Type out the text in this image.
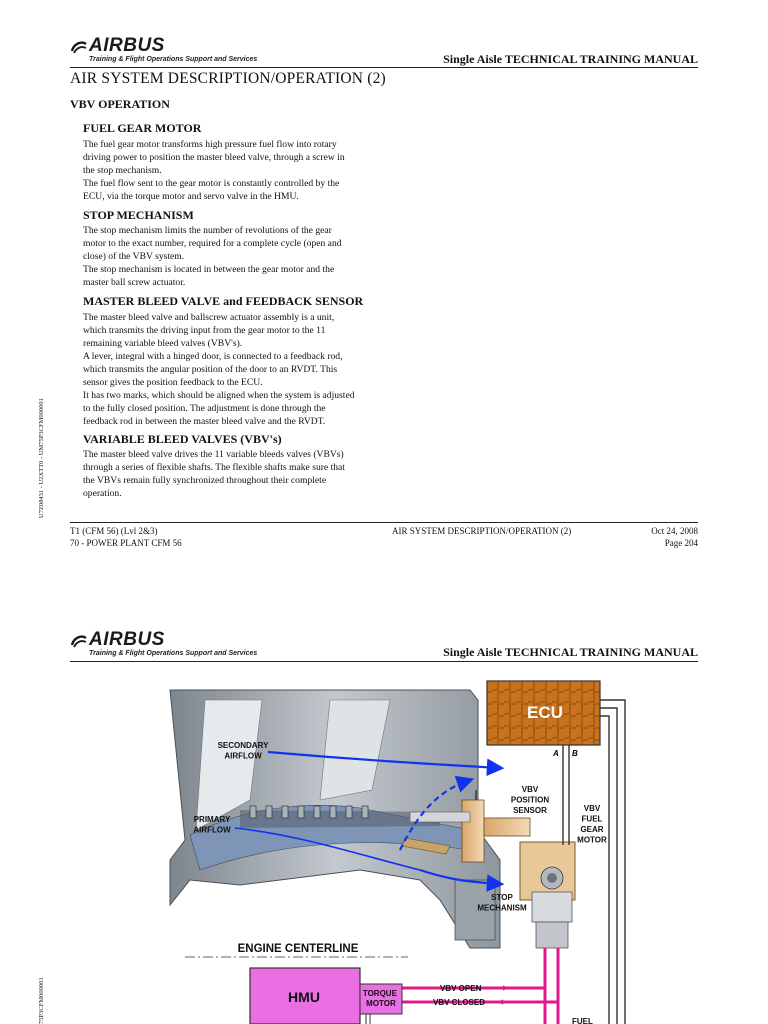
AIRBUS
Training & Flight Operations Support and Services	Single Aisle TECHNICAL TRAINING MANUAL
AIR SYSTEM DESCRIPTION/OPERATION (2)
VBV OPERATION
FUEL GEAR MOTOR
The fuel gear motor transforms high pressure fuel flow into rotary
driving power to position the master bleed valve, through a screw in
the stop mechanism.
The fuel flow sent to the gear motor is constantly controlled by the
ECU, via the torque motor and servo valve in the HMU.
STOP MECHANISM
The stop mechanism limits the number of revolutions of the gear
motor to the exact number, required for a complete cycle (open and
close) of the VBV system.
The stop mechanism is located in between the gear motor and the
master ball screw actuator.
MASTER BLEED VALVE and FEEDBACK SENSOR
The master bleed valve and ballscrew actuator assembly is a unit,
which transmits the driving input from the gear motor to the 11
remaining variable bleed valves (VBV's).
A lever, integral with a hinged door, is connected to a feedback rod,
which transmits the angular position of the door to an RVDT. This
sensor gives the position feedback to the ECU.
It has two marks, which should be aligned when the system is adjusted
to the fully closed position. The adjustment is done through the
feedback rod in between the master bleed valve and the RVDT.
VARIABLE BLEED VALVES (VBV's)
The master bleed valve drives the 11 variable bleeds valves (VBVs)
through a series of flexible shafts. The flexible shafts make sure that
the VBVs remain fully synchronized throughout their complete
operation.
U7Z08431 - U2XTT0 - UM75P3CFM000001
T1 (CFM 56) (Lvl 2&3)
70 - POWER PLANT CFM 56
AIR SYSTEM DESCRIPTION/OPERATION (2)	Oct 24, 2008
Page 204
AIRBUS
Training & Flight Operations Support and Services	Single Aisle TECHNICAL TRAINING MANUAL
75P3CFM000001
ECU
A B
HMU	TORQUE MOTOR
ENGINE CENTERLINE
SECONDARY AIRFLOW
PRIMARY AIRFLOW
VBV POSITION SENSOR	VBV FUEL GEAR MOTOR
STOP MECHANISM
VBV OPEN
VBV CLOSED
FUEL
